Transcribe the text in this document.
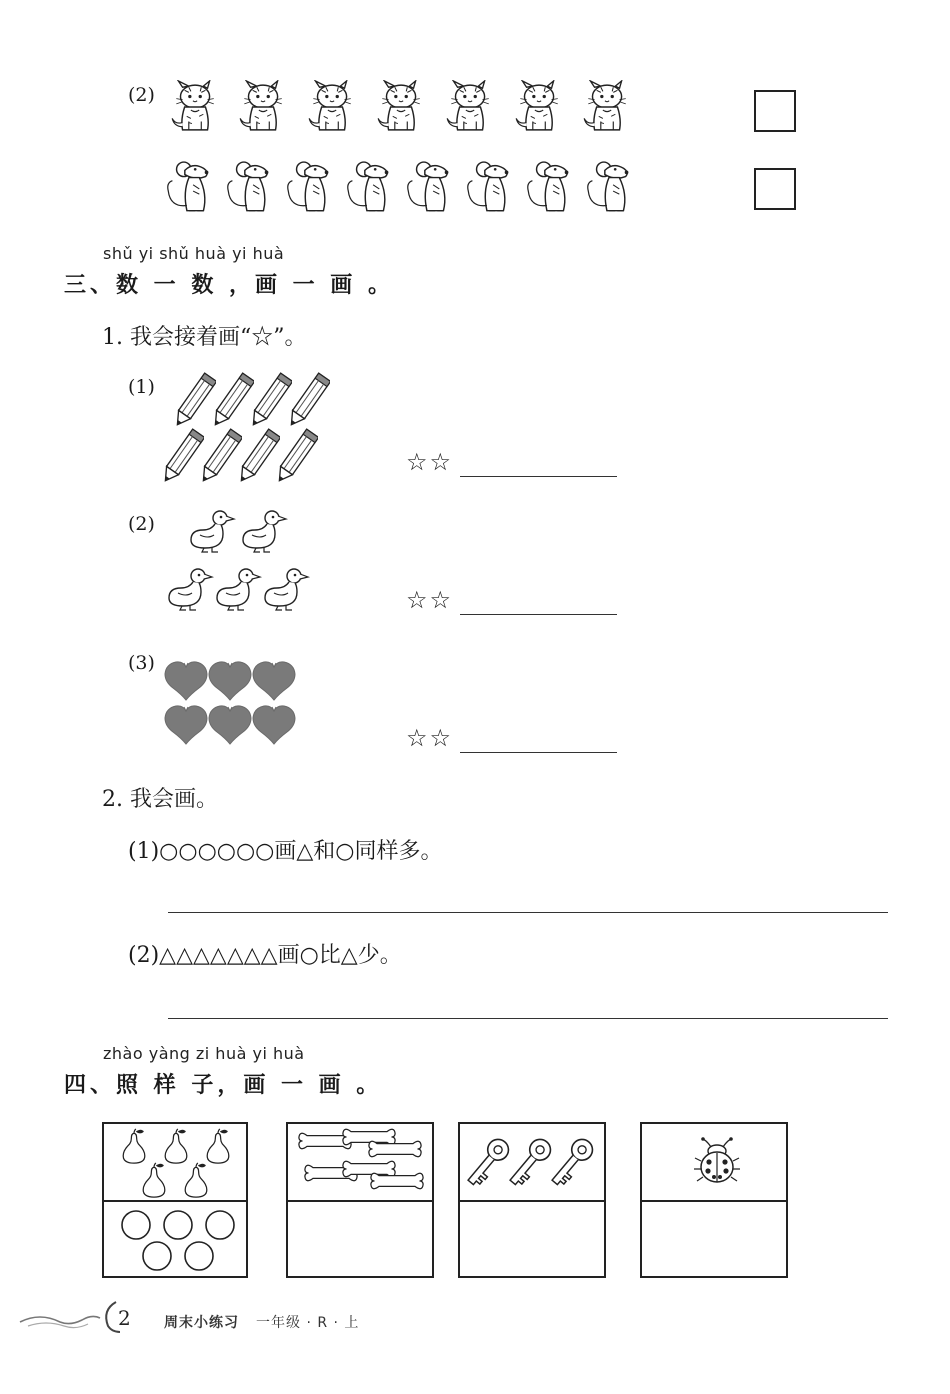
(2)
shǔ yi shǔ huà yi huà
三、数 一 数 ，画 一 画 。
1. 我会接着画“☆”。
(1)
☆☆
(2)
☆☆
(3)
☆☆
2. 我会画。
(1)○○○○○○画△和○同样多。
(2)△△△△△△△画○比△少。
zhào yàng zi huà yi huà
四、照 样 子，画 一 画 。
2 周末小练习 一年级 · R · 上
